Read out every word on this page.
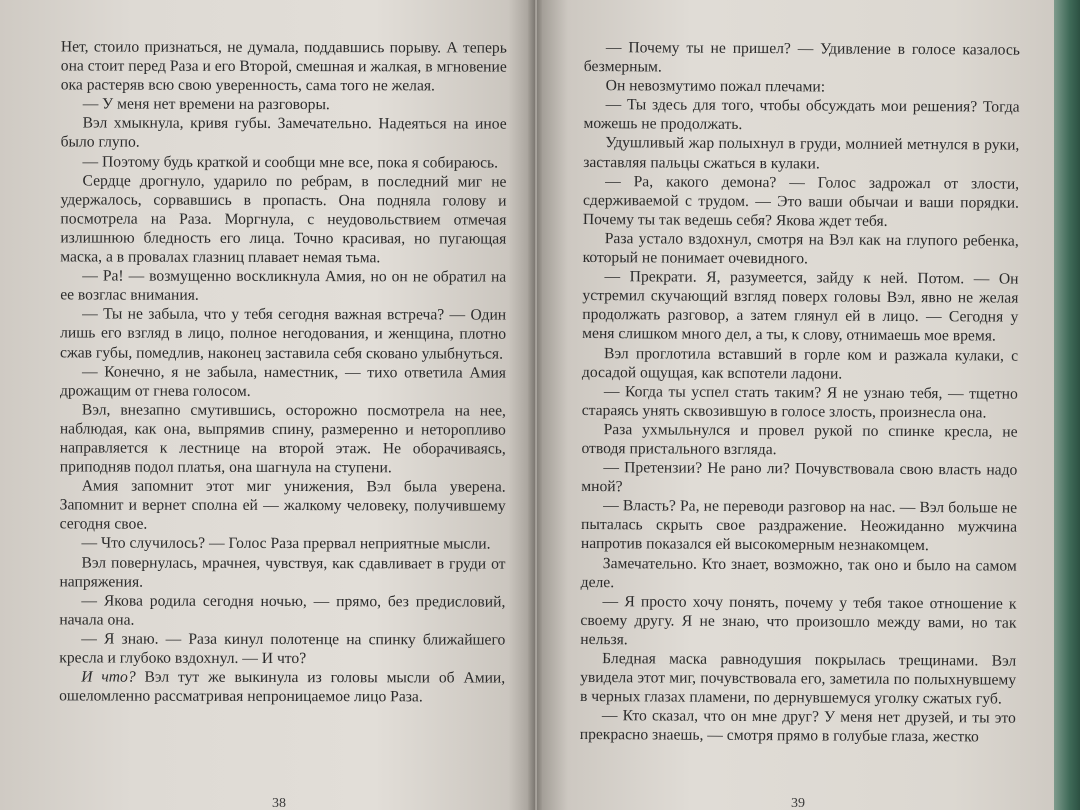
Нет, стоило признаться, не думала, поддавшись порыву. А теперь она стоит перед Раза и его Второй, смешная и жалкая, в мгновение ока растеряв всю свою уверенность, сама того не желая.

— У меня нет времени на разговоры.

Вэл хмыкнула, кривя губы. Замечательно. Надеяться на иное было глупо.

— Поэтому будь краткой и сообщи мне все, пока я собираюсь.

Сердце дрогнуло, ударило по ребрам, в последний миг не удержалось, сорвавшись в пропасть. Она подняла голову и посмотрела на Раза. Моргнула, с неудовольствием отмечая излишнюю бледность его лица. Точно красивая, но пугающая маска, а в провалах глазниц плавает немая тьма.

— Ра! — возмущенно воскликнула Амия, но он не обратил на ее возглас внимания.

— Ты не забыла, что у тебя сегодня важная встреча? — Один лишь его взгляд в лицо, полное негодования, и женщина, плотно сжав губы, помедлив, наконец заставила себя сковано улыбнуться.

— Конечно, я не забыла, наместник, — тихо ответила Амия дрожащим от гнева голосом.

Вэл, внезапно смутившись, осторожно посмотрела на нее, наблюдая, как она, выпрямив спину, размеренно и неторопливо направляется к лестнице на второй этаж. Не оборачиваясь, приподняв подол платья, она шагнула на ступени.

Амия запомнит этот миг унижения, Вэл была уверена. Запомнит и вернет сполна ей — жалкому человеку, получившему сегодня свое.

— Что случилось? — Голос Раза прервал неприятные мысли.

Вэл повернулась, мрачнея, чувствуя, как сдавливает в груди от напряжения.

— Якова родила сегодня ночью, — прямо, без предисловий, начала она.

— Я знаю. — Раза кинул полотенце на спинку ближайшего кресла и глубоко вздохнул. — И что?

И что? Вэл тут же выкинула из головы мысли об Амии, ошеломленно рассматривая непроницаемое лицо Раза.

38

— Почему ты не пришел? — Удивление в голосе казалось безмерным.

Он невозмутимо пожал плечами:

— Ты здесь для того, чтобы обсуждать мои решения? Тогда можешь не продолжать.

Удушливый жар полыхнул в груди, молнией метнулся в руки, заставляя пальцы сжаться в кулаки.

— Ра, какого демона? — Голос задрожал от злости, сдерживаемой с трудом. — Это ваши обычаи и ваши порядки. Почему ты так ведешь себя? Якова ждет тебя.

Раза устало вздохнул, смотря на Вэл как на глупого ребенка, который не понимает очевидного.

— Прекрати. Я, разумеется, зайду к ней. Потом. — Он устремил скучающий взгляд поверх головы Вэл, явно не желая продолжать разговор, а затем глянул ей в лицо. — Сегодня у меня слишком много дел, а ты, к слову, отнимаешь мое время.

Вэл проглотила вставший в горле ком и разжала кулаки, с досадой ощущая, как вспотели ладони.

— Когда ты успел стать таким? Я не узнаю тебя, — тщетно стараясь унять сквозившую в голосе злость, произнесла она.

Раза ухмыльнулся и провел рукой по спинке кресла, не отводя пристального взгляда.

— Претензии? Не рано ли? Почувствовала свою власть надо мной?

— Власть? Ра, не переводи разговор на нас. — Вэл больше не пыталась скрыть свое раздражение. Неожиданно мужчина напротив показался ей высокомерным незнакомцем.

Замечательно. Кто знает, возможно, так оно и было на самом деле.

— Я просто хочу понять, почему у тебя такое отношение к своему другу. Я не знаю, что произошло между вами, но так нельзя.

Бледная маска равнодушия покрылась трещинами. Вэл увидела этот миг, почувствовала его, заметила по полыхнувшему в черных глазах пламени, по дернувшемуся уголку сжатых губ.

— Кто сказал, что он мне друг? У меня нет друзей, и ты это прекрасно знаешь, — смотря прямо в голубые глаза, жестко

39
